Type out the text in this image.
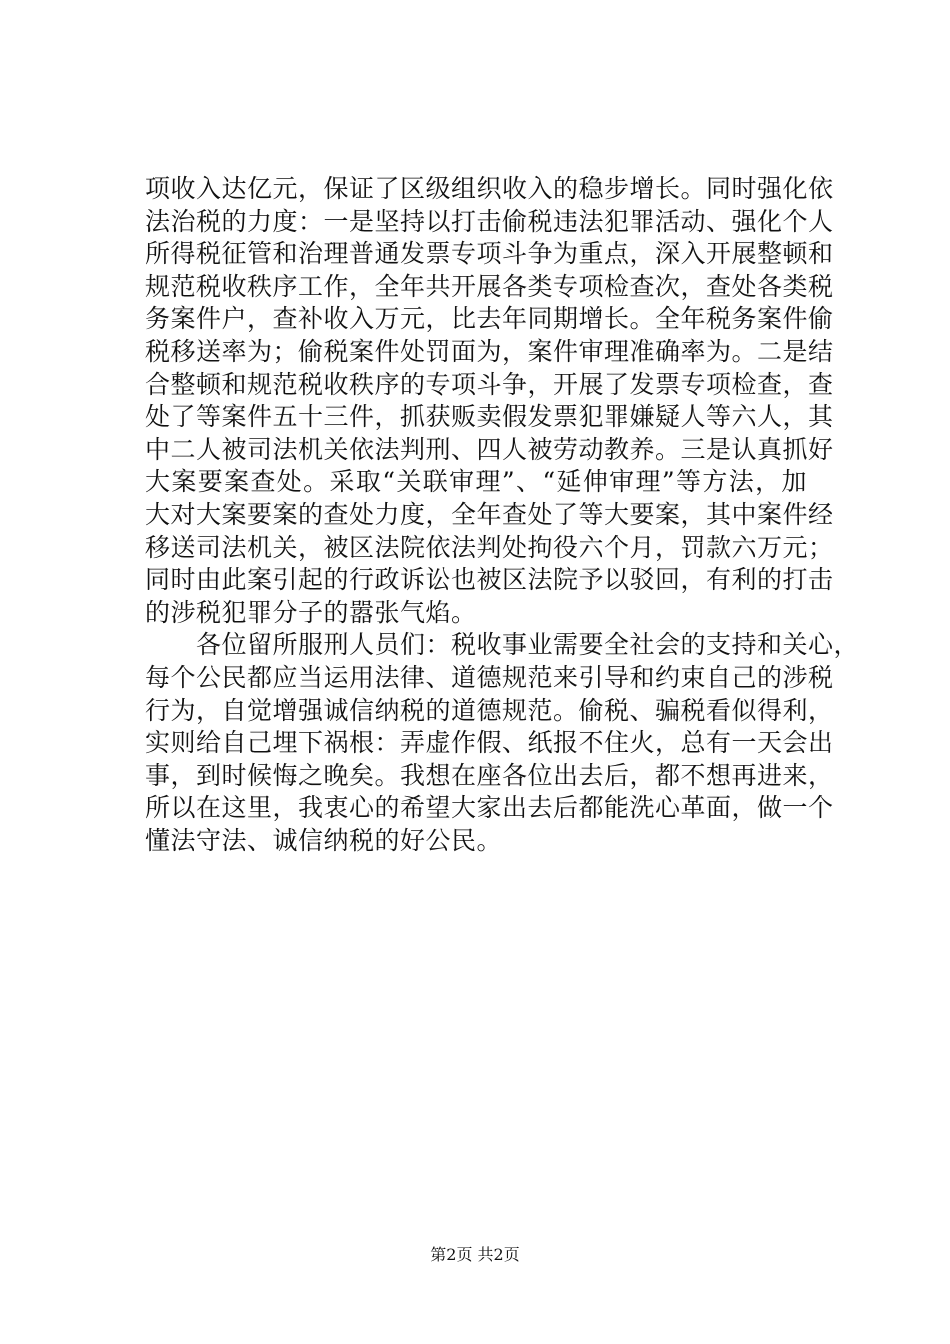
项收入达亿元，保证了区级组织收入的稳步增长。同时强化依
法治税的力度：一是坚持以打击偷税违法犯罪活动、强化个人
所得税征管和治理普通发票专项斗争为重点，深入开展整顿和
规范税收秩序工作，全年共开展各类专项检查次，查处各类税
务案件户，查补收入万元，比去年同期增长。全年税务案件偷
税移送率为；偷税案件处罚面为，案件审理准确率为。二是结
合整顿和规范税收秩序的专项斗争，开展了发票专项检查，查
处了等案件五十三件，抓获贩卖假发票犯罪嫌疑人等六人，其
中二人被司法机关依法判刑、四人被劳动教养。三是认真抓好
大案要案查处。采取“关联审理”、“延伸审理”等方法，加
大对大案要案的查处力度，全年查处了等大要案，其中案件经
移送司法机关，被区法院依法判处拘役六个月，罚款六万元；
同时由此案引起的行政诉讼也被区法院予以驳回，有利的打击
的涉税犯罪分子的嚣张气焰。
　　各位留所服刑人员们：税收事业需要全社会的支持和关心，
每个公民都应当运用法律、道德规范来引导和约束自己的涉税
行为，自觉增强诚信纳税的道德规范。偷税、骗税看似得利，
实则给自己埋下祸根：弄虚作假、纸报不住火，总有一天会出
事，到时候悔之晚矣。我想在座各位出去后，都不想再进来，
所以在这里，我衷心的希望大家出去后都能洗心革面，做一个
懂法守法、诚信纳税的好公民。
第2页 共2页
